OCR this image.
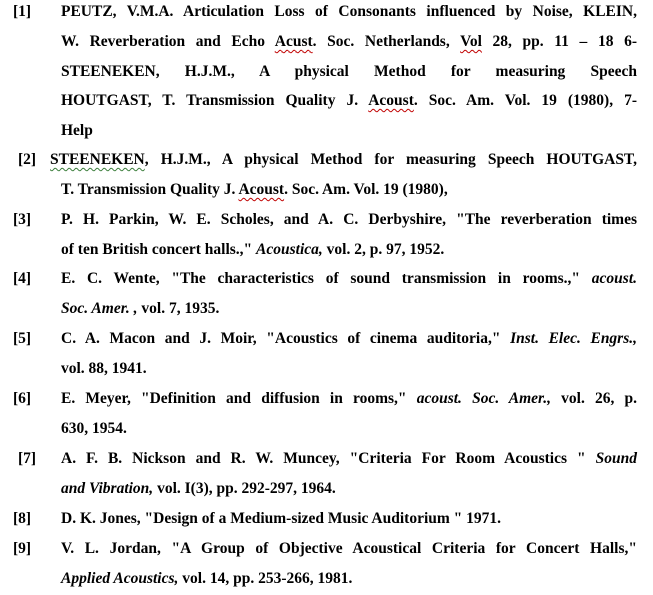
[1] PEUTZ, V.M.A. Articulation Loss of Consonants influenced by Noise, KLEIN,
W. Reverberation and Echo Acust. Soc. Netherlands, Vol 28, pp. 11 – 18 6-
STEENEKEN, H.J.M., A physical Method for measuring Speech
HOUTGAST, T. Transmission Quality J. Acoust. Soc. Am. Vol. 19 (1980), 7-
Help
[2] STEENEKEN, H.J.M., A physical Method for measuring Speech HOUTGAST,
T. Transmission Quality J. Acoust. Soc. Am. Vol. 19 (1980),
[3] P. H. Parkin, W. E. Scholes, and A. C. Derbyshire, "The reverberation times
of ten British concert halls.," Acoustica, vol. 2, p. 97, 1952.
[4] E. C. Wente, "The characteristics of sound transmission in rooms.," acoust.
Soc. Amer. , vol. 7, 1935.
[5] C. A. Macon and J. Moir, "Acoustics of cinema auditoria," Inst. Elec. Engrs.,
vol. 88, 1941.
[6] E. Meyer, "Definition and diffusion in rooms," acoust. Soc. Amer., vol. 26, p.
630, 1954.
[7] A. F. B. Nickson and R. W. Muncey, "Criteria For Room Acoustics " Sound
and Vibration, vol. I(3), pp. 292-297, 1964.
[8] D. K. Jones, "Design of a Medium-sized Music Auditorium " 1971.
[9] V. L. Jordan, "A Group of Objective Acoustical Criteria for Concert Halls,"
Applied Acoustics, vol. 14, pp. 253-266, 1981.
